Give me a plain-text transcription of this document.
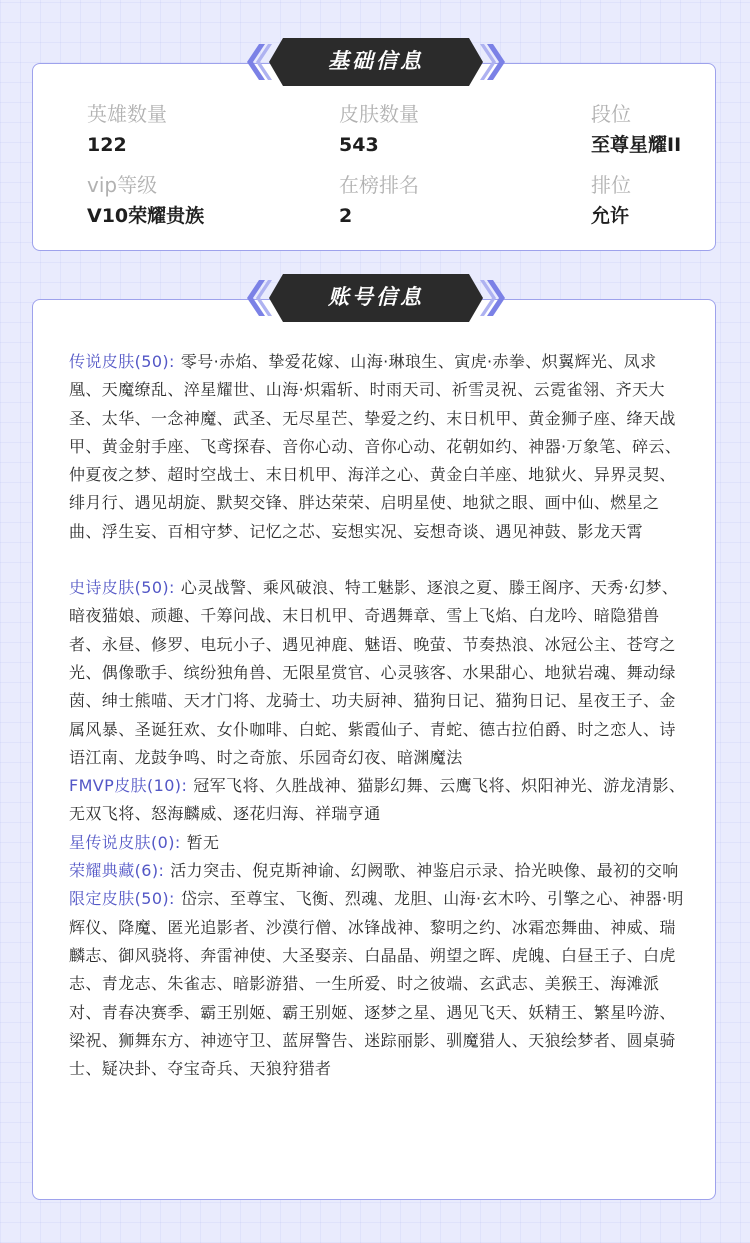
英雄数量
122
皮肤数量
543
段位
至尊星耀II
vip等级
V10荣耀贵族
在榜排名
2
排位
允许
基础信息

传说皮肤(50): 零号·赤焰、挚爱花嫁、山海·琳琅生、寅虎·赤拳、炽翼辉光、凤求凰、天魔缭乱、淬星耀世、山海·炽霜斩、时雨天司、祈雪灵祝、云霓雀翎、齐天大圣、太华、一念神魔、武圣、无尽星芒、挚爱之约、末日机甲、黄金狮子座、绛天战甲、黄金射手座、飞鸢探春、音你心动、音你心动、花朝如约、神器·万象笔、碎云、仲夏夜之梦、超时空战士、末日机甲、海洋之心、黄金白羊座、地狱火、异界灵契、绯月行、遇见胡旋、默契交锋、胖达荣荣、启明星使、地狱之眼、画中仙、燃星之曲、浮生妄、百相守梦、记忆之芯、妄想实况、妄想奇谈、遇见神鼓、影龙天霄

史诗皮肤(50): 心灵战警、乘风破浪、特工魅影、逐浪之夏、滕王阁序、天秀·幻梦、暗夜猫娘、顽趣、千筹问战、末日机甲、奇遇舞章、雪上飞焰、白龙吟、暗隐猎兽者、永昼、修罗、电玩小子、遇见神鹿、魅语、晚萤、节奏热浪、冰冠公主、苍穹之光、偶像歌手、缤纷独角兽、无限星赏官、心灵骇客、水果甜心、地狱岩魂、舞动绿茵、绅士熊喵、天才门将、龙骑士、功夫厨神、猫狗日记、猫狗日记、星夜王子、金属风暴、圣诞狂欢、女仆咖啡、白蛇、紫霞仙子、青蛇、德古拉伯爵、时之恋人、诗语江南、龙鼓争鸣、时之奇旅、乐园奇幻夜、暗渊魔法

FMVP皮肤(10): 冠军飞将、久胜战神、猫影幻舞、云鹰飞将、炽阳神光、游龙清影、无双飞将、怒海麟威、逐花归海、祥瑞亨通

星传说皮肤(0): 暂无

荣耀典藏(6): 活力突击、倪克斯神谕、幻阙歌、神鉴启示录、拾光映像、最初的交响

限定皮肤(50): 岱宗、至尊宝、飞衡、烈魂、龙胆、山海·玄木吟、引擎之心、神器·明辉仪、降魔、匿光追影者、沙漠行僧、冰锋战神、黎明之约、冰霜恋舞曲、神威、瑞麟志、御风骁将、奔雷神使、大圣娶亲、白晶晶、朔望之晖、虎魄、白昼王子、白虎志、青龙志、朱雀志、暗影游猎、一生所爱、时之彼端、玄武志、美猴王、海滩派对、青春决赛季、霸王别姬、霸王别姬、逐梦之星、遇见飞天、妖精王、繁星吟游、梁祝、狮舞东方、神迹守卫、蓝屏警告、迷踪丽影、驯魔猎人、天狼绘梦者、圆桌骑士、疑决卦、夺宝奇兵、天狼狩猎者

账号信息
